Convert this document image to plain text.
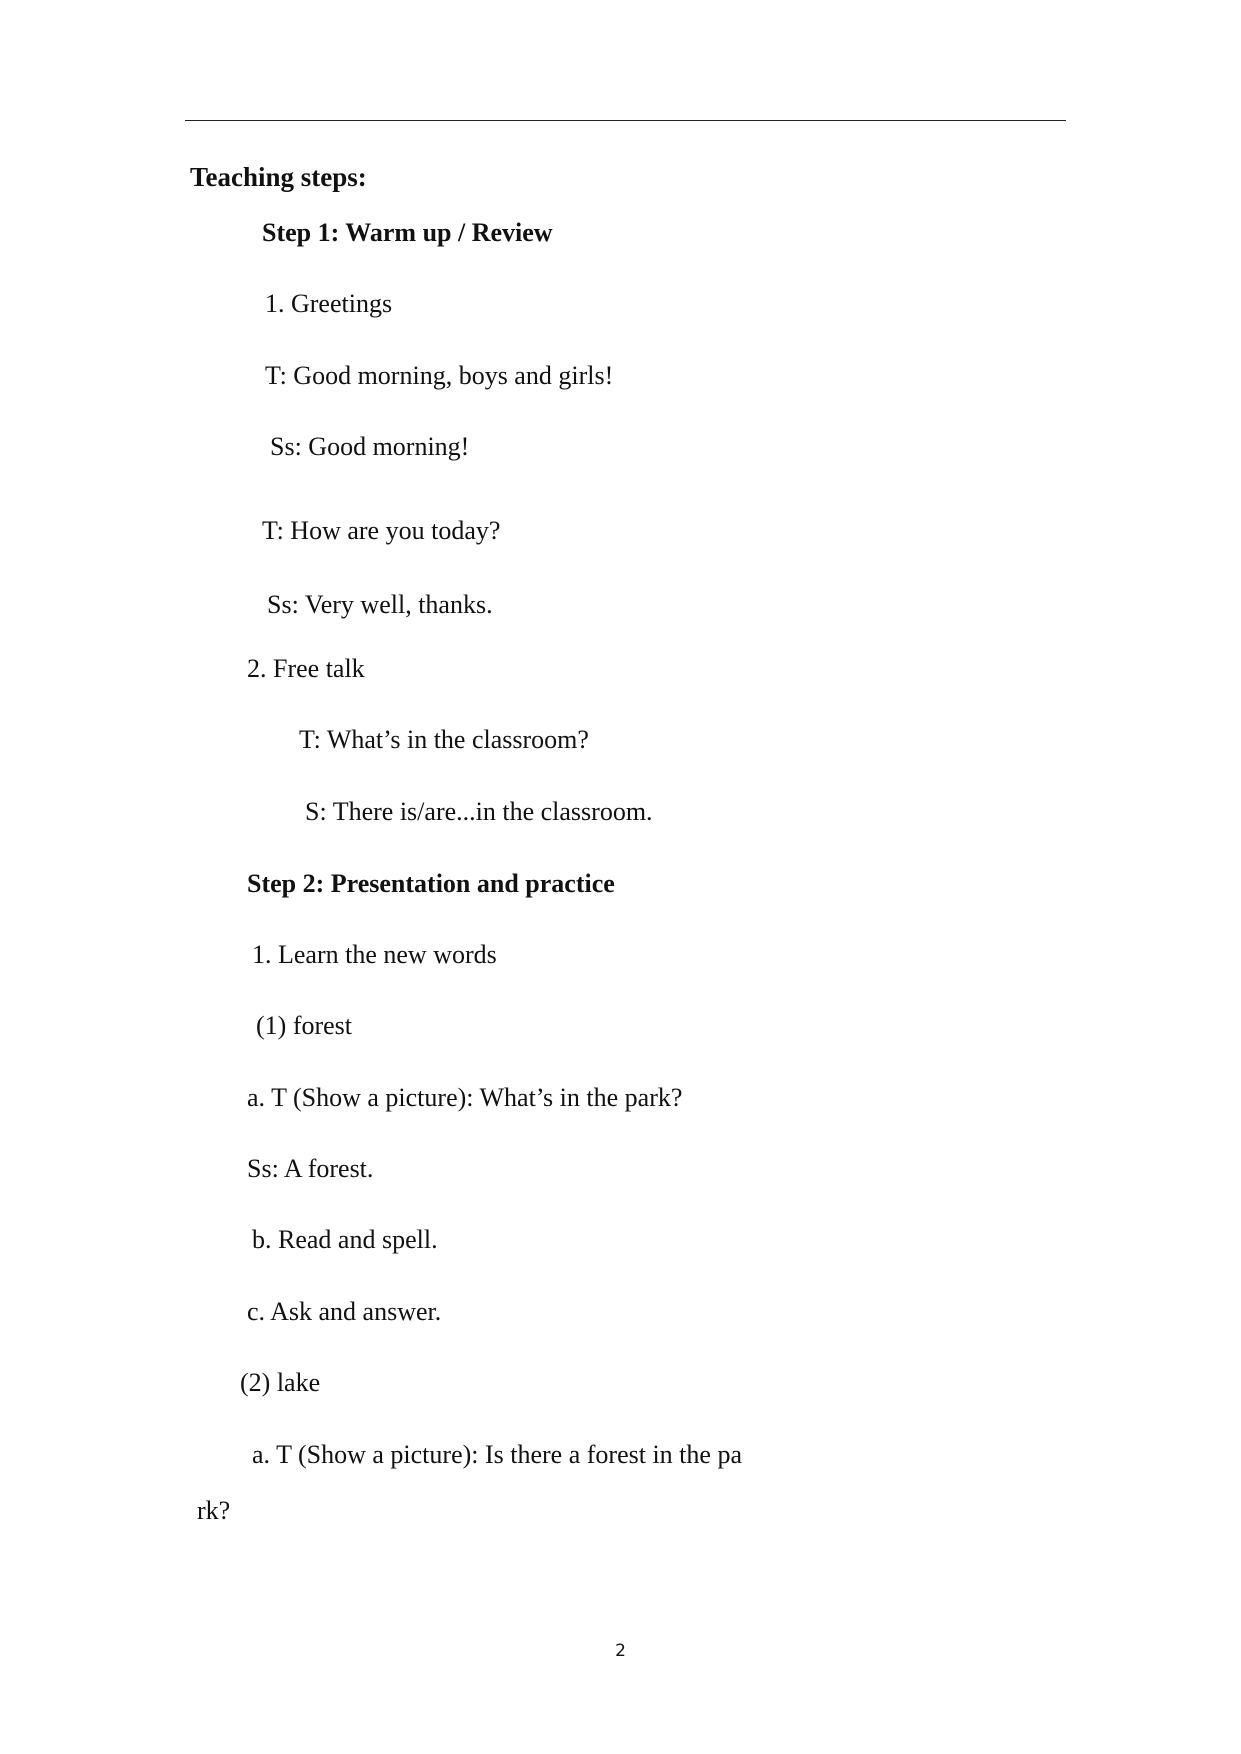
Teaching steps:
Step 1: Warm up / Review
1. Greetings
T: Good morning, boys and girls!
Ss: Good morning!
T: How are you today?
Ss: Very well, thanks.
2. Free talk
T: What’s in the classroom?
S: There is/are...in the classroom.
Step 2: Presentation and practice
1. Learn the new words
(1) forest
a. T (Show a picture): What’s in the park?
Ss: A forest.
b. Read and spell.
c. Ask and answer.
(2) lake
a. T (Show a picture): Is there a forest in the pa
rk?
2
